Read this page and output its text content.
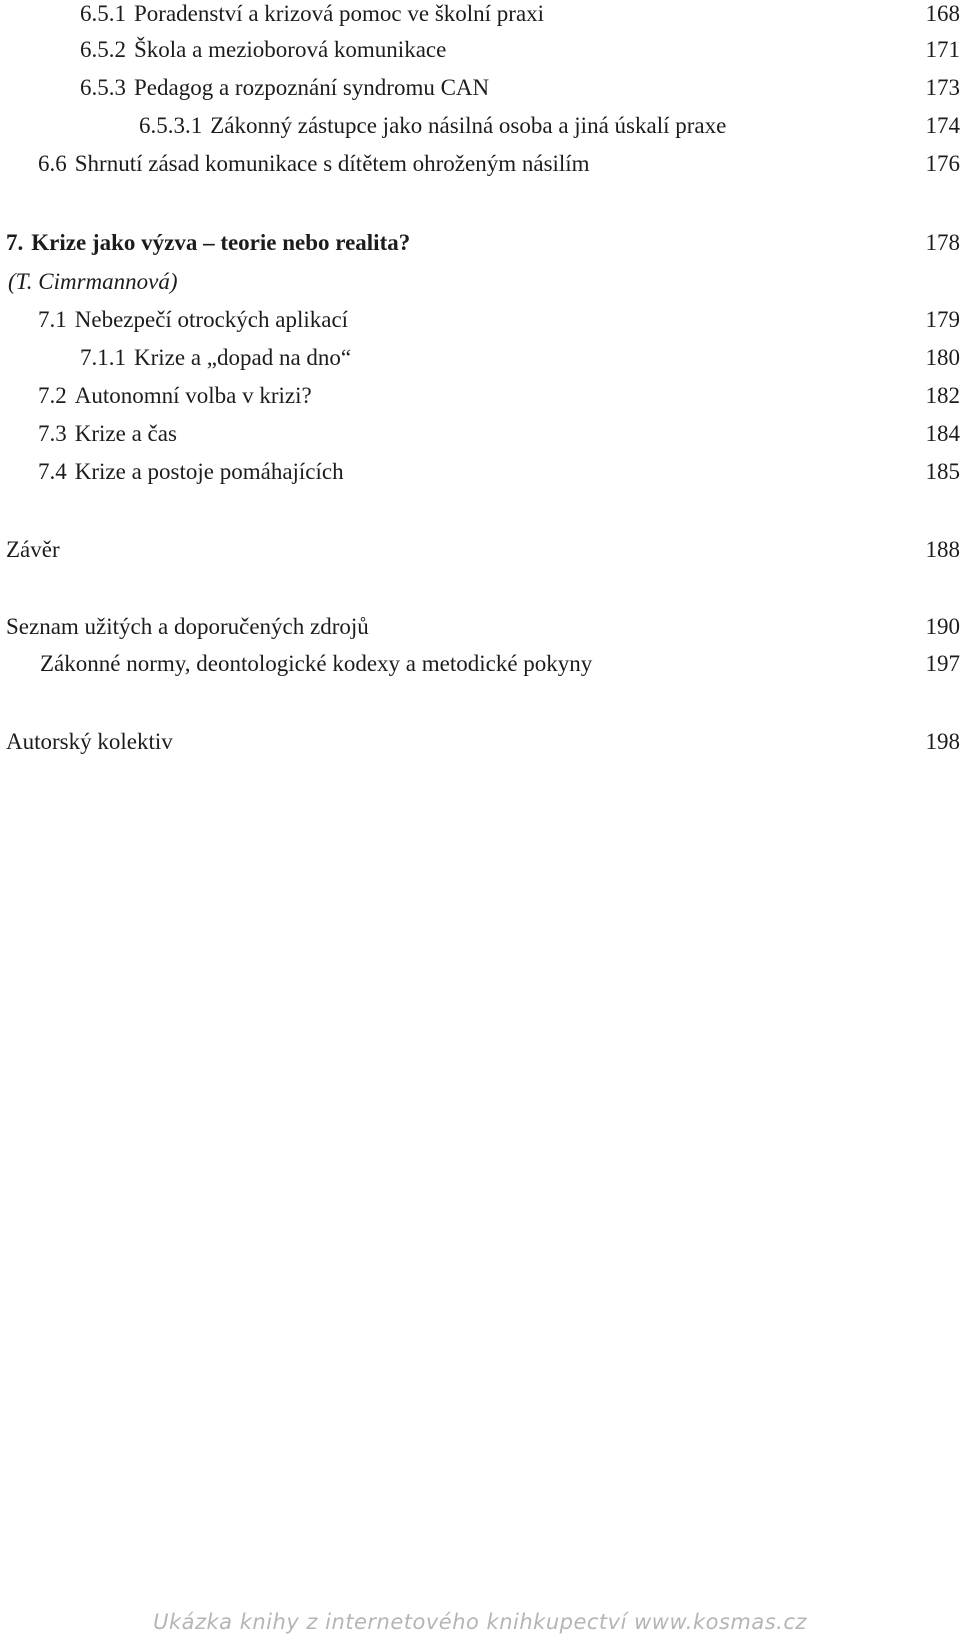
6.5.1 Poradenství a krizová pomoc ve školní praxi	168
6.5.2 Škola a mezioborová komunikace	171
6.5.3 Pedagog a rozpoznání syndromu CAN	173
6.5.3.1 Zákonný zástupce jako násilná osoba a jiná úskalí praxe	174
6.6 Shrnutí zásad komunikace s dítětem ohroženým násilím	176
7. Krize jako výzva – teorie nebo realita?	178
(T. Cimrmannová)
7.1 Nebezpečí otrockých aplikací	179
7.1.1 Krize a „dopad na dno“	180
7.2 Autonomní volba v krizi?	182
7.3 Krize a čas	184
7.4 Krize a postoje pomáhajících	185
Závěr	188
Seznam užitých a doporučených zdrojů	190
Zákonné normy, deontologické kodexy a metodické pokyny	197
Autorský kolektiv	198
Ukázka knihy z internetového knihkupectví www.kosmas.cz
